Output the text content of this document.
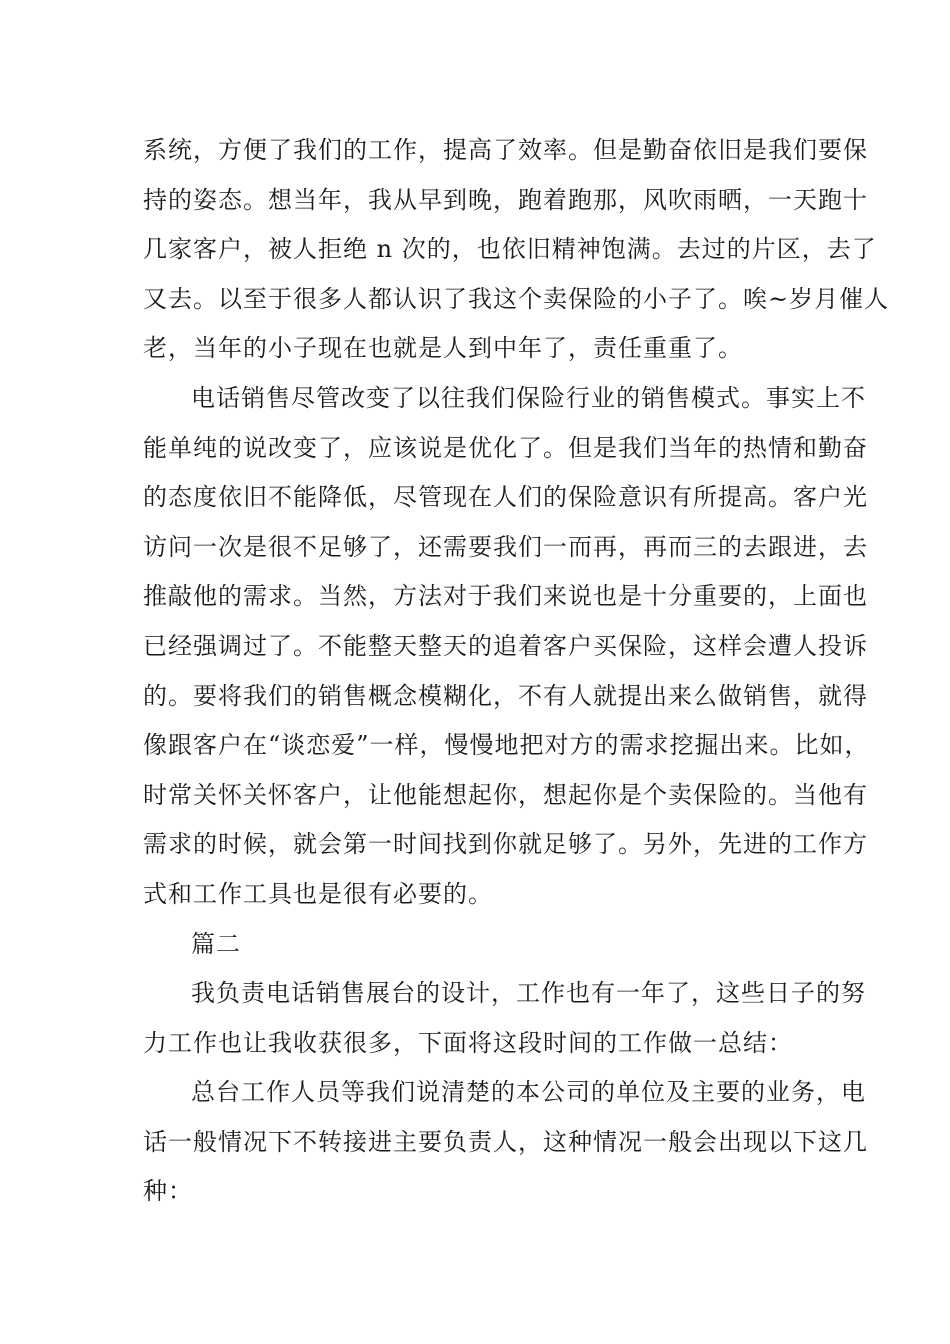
系统，方便了我们的工作，提高了效率。但是勤奋依旧是我们要保
持的姿态。想当年，我从早到晚，跑着跑那，风吹雨晒，一天跑十
几家客户，被人拒绝 n 次的，也依旧精神饱满。去过的片区，去了
又去。以至于很多人都认识了我这个卖保险的小子了。唉~岁月催人
老，当年的小子现在也就是人到中年了，责任重重了。
电话销售尽管改变了以往我们保险行业的销售模式。事实上不
能单纯的说改变了，应该说是优化了。但是我们当年的热情和勤奋
的态度依旧不能降低，尽管现在人们的保险意识有所提高。客户光
访问一次是很不足够了，还需要我们一而再，再而三的去跟进，去
推敲他的需求。当然，方法对于我们来说也是十分重要的，上面也
已经强调过了。不能整天整天的追着客户买保险，这样会遭人投诉
的。要将我们的销售概念模糊化，不有人就提出来么做销售，就得
像跟客户在“谈恋爱”一样，慢慢地把对方的需求挖掘出来。比如，
时常关怀关怀客户，让他能想起你，想起你是个卖保险的。当他有
需求的时候，就会第一时间找到你就足够了。另外，先进的工作方
式和工作工具也是很有必要的。
篇二
我负责电话销售展台的设计，工作也有一年了，这些日子的努
力工作也让我收获很多，下面将这段时间的工作做一总结：
总台工作人员等我们说清楚的本公司的单位及主要的业务，电
话一般情况下不转接进主要负责人，这种情况一般会出现以下这几
种：
